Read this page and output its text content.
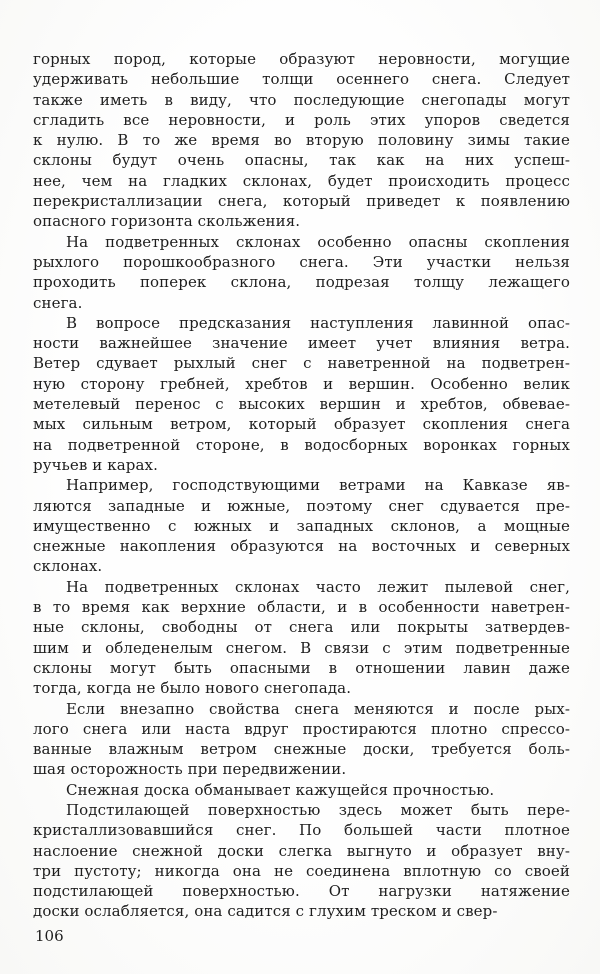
горных пород, которые образуют неровности, могущие
удерживать небольшие толщи осеннего снега. Следует
также иметь в виду, что последующие снегопады могут
сгладить все неровности, и роль этих упоров сведется
к нулю. В то же время во вторую половину зимы такие
склоны будут очень опасны, так как на них успеш-
нее, чем на гладких склонах, будет происходить процесс
перекристаллизации снега, который приведет к появлению
опасного горизонта скольжения.
На подветренных склонах особенно опасны скопления
рыхлого порошкообразного снега. Эти участки нельзя
проходить поперек склона, подрезая толщу лежащего
снега.
В вопросе предсказания наступления лавинной опас-
ности важнейшее значение имеет учет влияния ветра.
Ветер сдувает рыхлый снег с наветренной на подветрен-
ную сторону гребней, хребтов и вершин. Особенно велик
метелевый перенос с высоких вершин и хребтов, обвевае-
мых сильным ветром, который образует скопления снега
на подветренной стороне, в водосборных воронках горных
ручьев и карах.
Например, господствующими ветрами на Кавказе яв-
ляются западные и южные, поэтому снег сдувается пре-
имущественно с южных и западных склонов, а мощные
снежные накопления образуются на восточных и северных
склонах.
На подветренных склонах часто лежит пылевой снег,
в то время как верхние области, и в особенности наветрен-
ные склоны, свободны от снега или покрыты затвердев-
шим и обледенелым снегом. В связи с этим подветренные
склоны могут быть опасными в отношении лавин даже
тогда, когда не было нового снегопада.
Если внезапно свойства снега меняются и после рых-
лого снега или наста вдруг простираются плотно спрессо-
ванные влажным ветром снежные доски, требуется боль-
шая осторожность при передвижении.
Снежная доска обманывает кажущейся прочностью.
Подстилающей поверхностью здесь может быть пере-
кристаллизовавшийся снег. По большей части плотное
наслоение снежной доски слегка выгнуто и образует вну-
три пустоту; никогда она не соединена вплотную со своей
подстилающей поверхностью. От нагрузки натяжение
доски ослабляется, она садится с глухим треском и свер-
106
